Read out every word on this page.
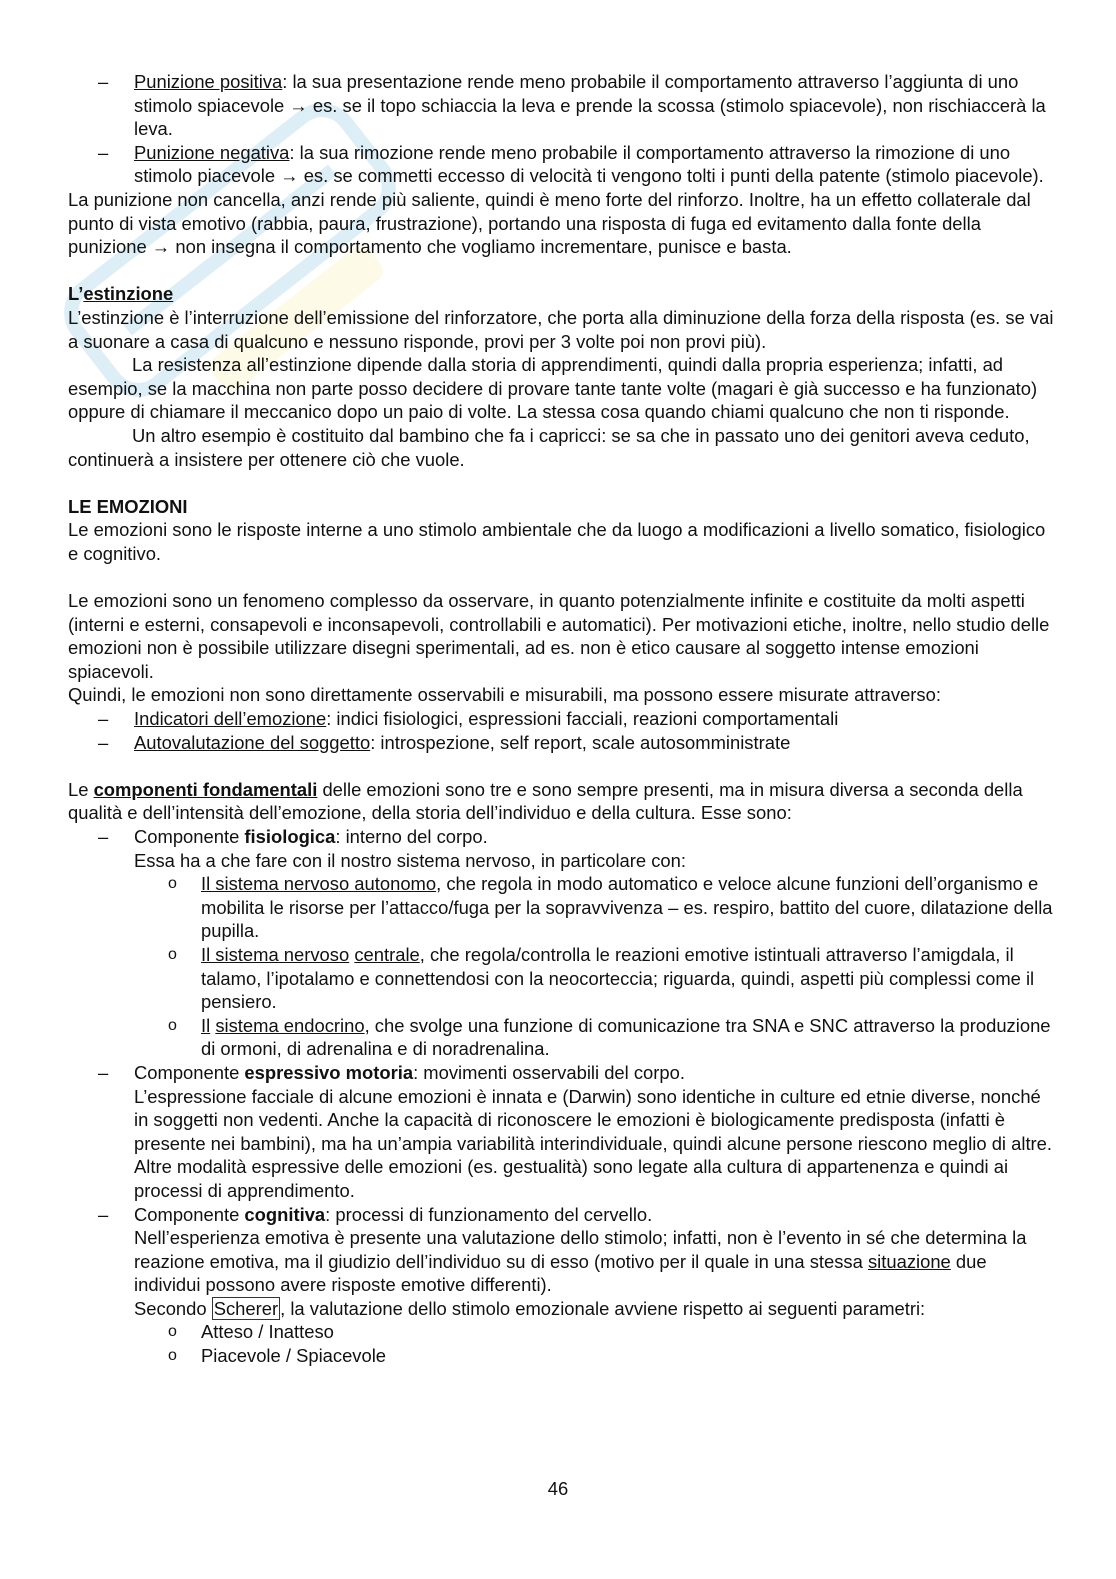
– Punizione positiva: la sua presentazione rende meno probabile il comportamento attraverso l’aggiunta di uno stimolo spiacevole → es. se il topo schiaccia la leva e prende la scossa (stimolo spiacevole), non rischiaccerà la leva.
– Punizione negativa: la sua rimozione rende meno probabile il comportamento attraverso la rimozione di uno stimolo piacevole → es. se commetti eccesso di velocità ti vengono tolti i punti della patente (stimolo piacevole).

La punizione non cancella, anzi rende più saliente, quindi è meno forte del rinforzo. Inoltre, ha un effetto collaterale dal punto di vista emotivo (rabbia, paura, frustrazione), portando una risposta di fuga ed evitamento dalla fonte della punizione → non insegna il comportamento che vogliamo incrementare, punisce e basta.

L’estinzione

L’estinzione è l’interruzione dell’emissione del rinforzatore, che porta alla diminuzione della forza della risposta (es. se vai a suonare a casa di qualcuno e nessuno risponde, provi per 3 volte poi non provi più).

La resistenza all’estinzione dipende dalla storia di apprendimenti, quindi dalla propria esperienza; infatti, ad esempio, se la macchina non parte posso decidere di provare tante tante volte (magari è già successo e ha funzionato) oppure di chiamare il meccanico dopo un paio di volte. La stessa cosa quando chiami qualcuno che non ti risponde.

Un altro esempio è costituito dal bambino che fa i capricci: se sa che in passato uno dei genitori aveva ceduto, continuerà a insistere per ottenere ciò che vuole.

LE EMOZIONI

Le emozioni sono le risposte interne a uno stimolo ambientale che da luogo a modificazioni a livello somatico, fisiologico e cognitivo.

Le emozioni sono un fenomeno complesso da osservare, in quanto potenzialmente infinite e costituite da molti aspetti (interni e esterni, consapevoli e inconsapevoli, controllabili e automatici). Per motivazioni etiche, inoltre, nello studio delle emozioni non è possibile utilizzare disegni sperimentali, ad es. non è etico causare al soggetto intense emozioni spiacevoli.

Quindi, le emozioni non sono direttamente osservabili e misurabili, ma possono essere misurate attraverso:

– Indicatori dell’emozione: indici fisiologici, espressioni facciali, reazioni comportamentali
– Autovalutazione del soggetto: introspezione, self report, scale autosomministrate

Le componenti fondamentali delle emozioni sono tre e sono sempre presenti, ma in misura diversa a seconda della qualità e dell’intensità dell’emozione, della storia dell’individuo e della cultura. Esse sono:

– Componente fisiologica: interno del corpo.
Essa ha a che fare con il nostro sistema nervoso, in particolare con:
o Il sistema nervoso autonomo, che regola in modo automatico e veloce alcune funzioni dell’organismo e mobilita le risorse per l’attacco/fuga per la sopravvivenza – es. respiro, battito del cuore, dilatazione della pupilla.
o Il sistema nervoso centrale, che regola/controlla le reazioni emotive istintuali attraverso l’amigdala, il talamo, l’ipotalamo e connettendosi con la neocorteccia; riguarda, quindi, aspetti più complessi come il pensiero.
o Il sistema endocrino, che svolge una funzione di comunicazione tra SNA e SNC attraverso la produzione di ormoni, di adrenalina e di noradrenalina.
– Componente espressivo motoria: movimenti osservabili del corpo.
L’espressione facciale di alcune emozioni è innata e (Darwin) sono identiche in culture ed etnie diverse, nonché in soggetti non vedenti. Anche la capacità di riconoscere le emozioni è biologicamente predisposta (infatti è presente nei bambini), ma ha un’ampia variabilità interindividuale, quindi alcune persone riescono meglio di altre. Altre modalità espressive delle emozioni (es. gestualità) sono legate alla cultura di appartenenza e quindi ai processi di apprendimento.
– Componente cognitiva: processi di funzionamento del cervello.
Nell’esperienza emotiva è presente una valutazione dello stimolo; infatti, non è l’evento in sé che determina la reazione emotiva, ma il giudizio dell’individuo su di esso (motivo per il quale in una stessa situazione due individui possono avere risposte emotive differenti).
Secondo Scherer , la valutazione dello stimolo emozionale avviene rispetto ai seguenti parametri:
o Atteso / Inatteso
o Piacevole / Spiacevole
46
